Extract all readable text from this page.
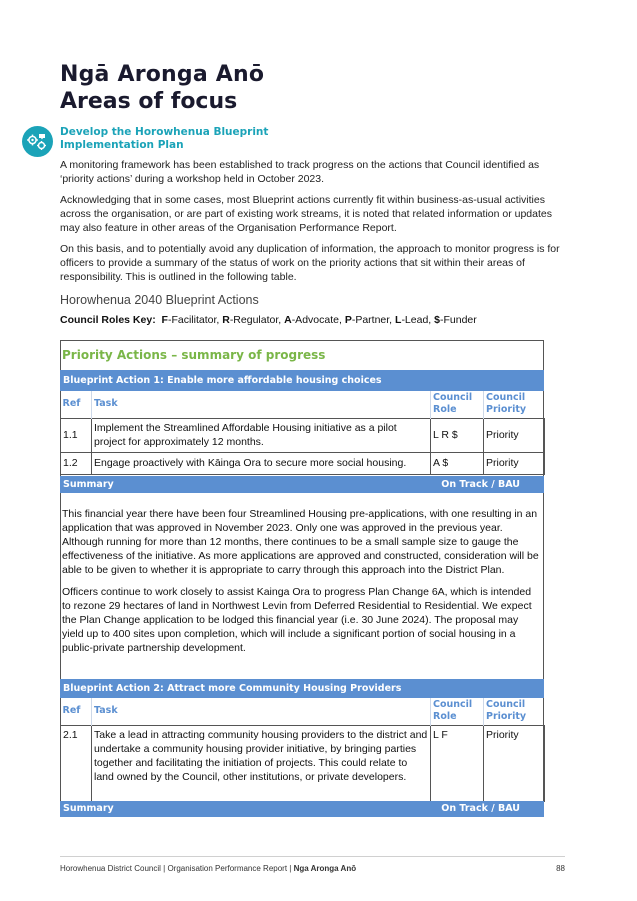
Ngā Aronga Anō
Areas of focus
Develop the Horowhenua Blueprint Implementation Plan

A monitoring framework has been established to track progress on the actions that Council identified as ‘priority actions’ during a workshop held in October 2023.

Acknowledging that in some cases, most Blueprint actions currently fit within business-as-usual activities across the organisation, or are part of existing work streams, it is noted that related information or updates may also feature in other areas of the Organisation Performance Report.

On this basis, and to potentially avoid any duplication of information, the approach to monitor progress is for officers to provide a summary of the status of work on the priority actions that sit within their areas of responsibility. This is outlined in the following table.

Horowhenua 2040 Blueprint Actions
Council Roles Key: F-Facilitator, R-Regulator, A-Advocate, P-Partner, L-Lead, $-Funder
Priority Actions – summary of progress
Blueprint Action 1: Enable more affordable housing choices
Ref	Task	Council Role	Council Priority
1.1	Implement the Streamlined Affordable Housing initiative as a pilot project for approximately 12 months.	L R $	Priority
1.2	Engage proactively with Kāinga Ora to secure more social housing.	A $	Priority
Summary	On Track / BAU

This financial year there have been four Streamlined Housing pre-applications, with one resulting in an application that was approved in November 2023. Only one was approved in the previous year. Although running for more than 12 months, there continues to be a small sample size to gauge the effectiveness of the initiative. As more applications are approved and constructed, consideration will be able to be given to whether it is appropriate to carry through this approach into the District Plan.

Officers continue to work closely to assist Kainga Ora to progress Plan Change 6A, which is intended to rezone 29 hectares of land in Northwest Levin from Deferred Residential to Residential. We expect the Plan Change application to be lodged this financial year (i.e. 30 June 2024). The proposal may yield up to 400 sites upon completion, which will include a significant portion of social housing in a public-private partnership development.

Blueprint Action 2: Attract more Community Housing Providers
Ref	Task	Council Role	Council Priority
2.1	Take a lead in attracting community housing providers to the district and undertake a community housing provider initiative, by bringing parties together and facilitating the initiation of projects. This could relate to land owned by the Council, other institutions, or private developers.	L F	Priority
Summary	On Track / BAU
Horowhenua District Council | Organisation Performance Report | Nga Aronga Anō	88
